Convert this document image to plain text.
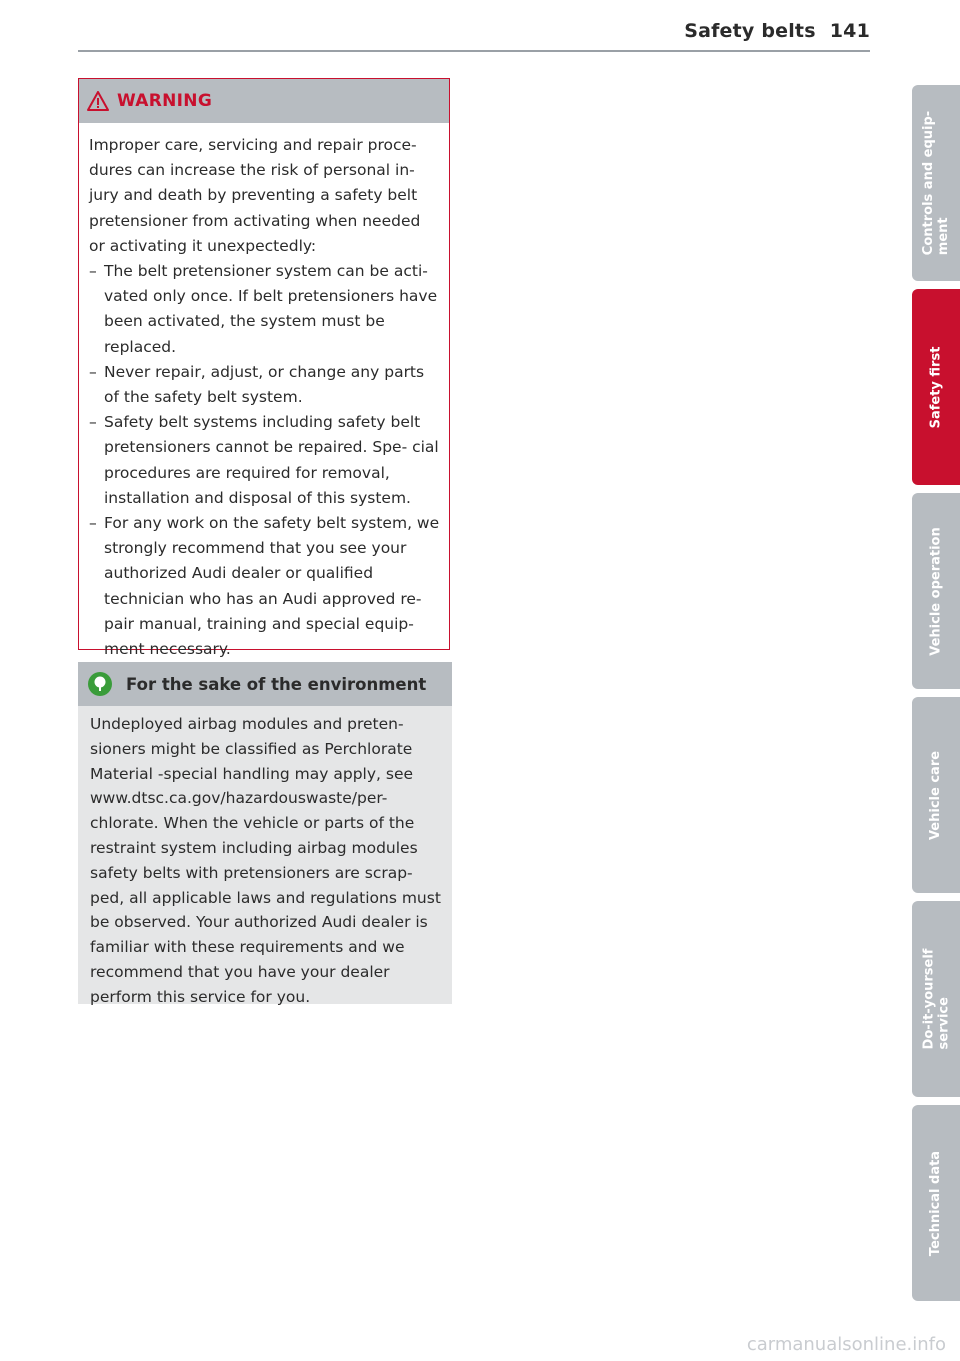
Safety belts 141
WARNING

Improper care, servicing and repair proce- dures can increase the risk of personal in- jury and death by preventing a safety belt pretensioner from activating when needed or activating it unexpectedly:

– The belt pretensioner system can be acti- vated only once. If belt pretensioners have been activated, the system must be replaced.
– Never repair, adjust, or change any parts of the safety belt system.
– Safety belt systems including safety belt pretensioners cannot be repaired. Spe- cial procedures are required for removal, installation and disposal of this system.
– For any work on the safety belt system, we strongly recommend that you see your authorized Audi dealer or qualified technician who has an Audi approved re- pair manual, training and special equip- ment necessary.
For the sake of the environment
Undeployed airbag modules and preten- sioners might be classified as Perchlorate Material -special handling may apply, see www.dtsc.ca.gov/hazardouswaste/per- chlorate. When the vehicle or parts of the restraint system including airbag modules safety belts with pretensioners are scrap- ped, all applicable laws and regulations must be observed. Your authorized Audi dealer is familiar with these requirements and we recommend that you have your dealer perform this service for you.
Controls and equip- ment
Safety first
Vehicle operation
Vehicle care
Do-it-yourself service
Technical data
carmanualsonline.info
